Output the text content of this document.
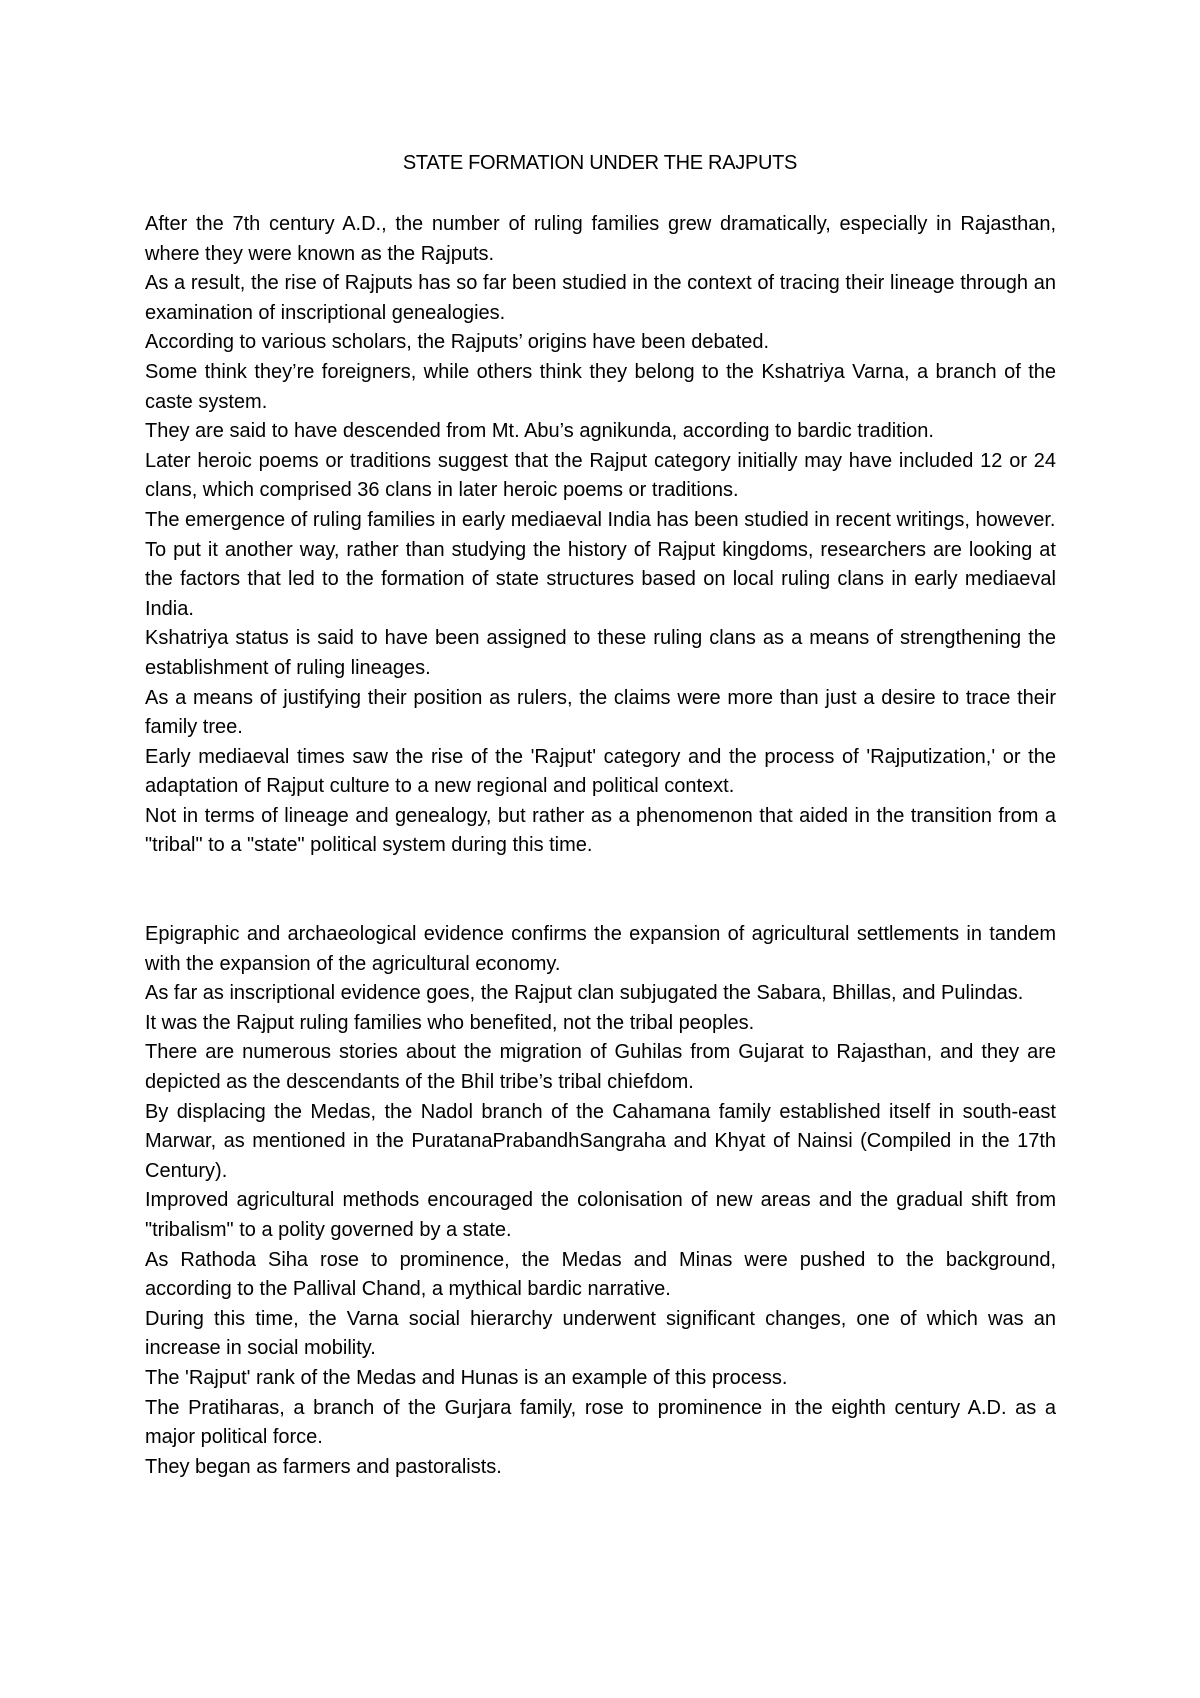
STATE FORMATION UNDER THE RAJPUTS

After the 7th century A.D., the number of ruling families grew dramatically, especially in Rajasthan, where they were known as the Rajputs.

As a result, the rise of Rajputs has so far been studied in the context of tracing their lineage through an examination of inscriptional genealogies.

According to various scholars, the Rajputs’ origins have been debated.

Some think they’re foreigners, while others think they belong to the Kshatriya Varna, a branch of the caste system.

They are said to have descended from Mt. Abu’s agnikunda, according to bardic tradition.

Later heroic poems or traditions suggest that the Rajput category initially may have included 12 or 24 clans, which comprised 36 clans in later heroic poems or traditions.

The emergence of ruling families in early mediaeval India has been studied in recent writings, however.

To put it another way, rather than studying the history of Rajput kingdoms, researchers are looking at the factors that led to the formation of state structures based on local ruling clans in early mediaeval India.

Kshatriya status is said to have been assigned to these ruling clans as a means of strengthening the establishment of ruling lineages.

As a means of justifying their position as rulers, the claims were more than just a desire to trace their family tree.

Early mediaeval times saw the rise of the 'Rajput' category and the process of 'Rajputization,' or the adaptation of Rajput culture to a new regional and political context.

Not in terms of lineage and genealogy, but rather as a phenomenon that aided in the transition from a "tribal" to a "state" political system during this time.

Epigraphic and archaeological evidence confirms the expansion of agricultural settlements in tandem with the expansion of the agricultural economy.

As far as inscriptional evidence goes, the Rajput clan subjugated the Sabara, Bhillas, and Pulindas.

It was the Rajput ruling families who benefited, not the tribal peoples.

There are numerous stories about the migration of Guhilas from Gujarat to Rajasthan, and they are depicted as the descendants of the Bhil tribe’s tribal chiefdom.

By displacing the Medas, the Nadol branch of the Cahamana family established itself in south-east Marwar, as mentioned in the PuratanaPrabandhSangraha and Khyat of Nainsi (Compiled in the 17th Century).

Improved agricultural methods encouraged the colonisation of new areas and the gradual shift from "tribalism" to a polity governed by a state.

As Rathoda Siha rose to prominence, the Medas and Minas were pushed to the background, according to the Pallival Chand, a mythical bardic narrative.

During this time, the Varna social hierarchy underwent significant changes, one of which was an increase in social mobility.

The 'Rajput' rank of the Medas and Hunas is an example of this process.

The Pratiharas, a branch of the Gurjara family, rose to prominence in the eighth century A.D. as a major political force.

They began as farmers and pastoralists.
